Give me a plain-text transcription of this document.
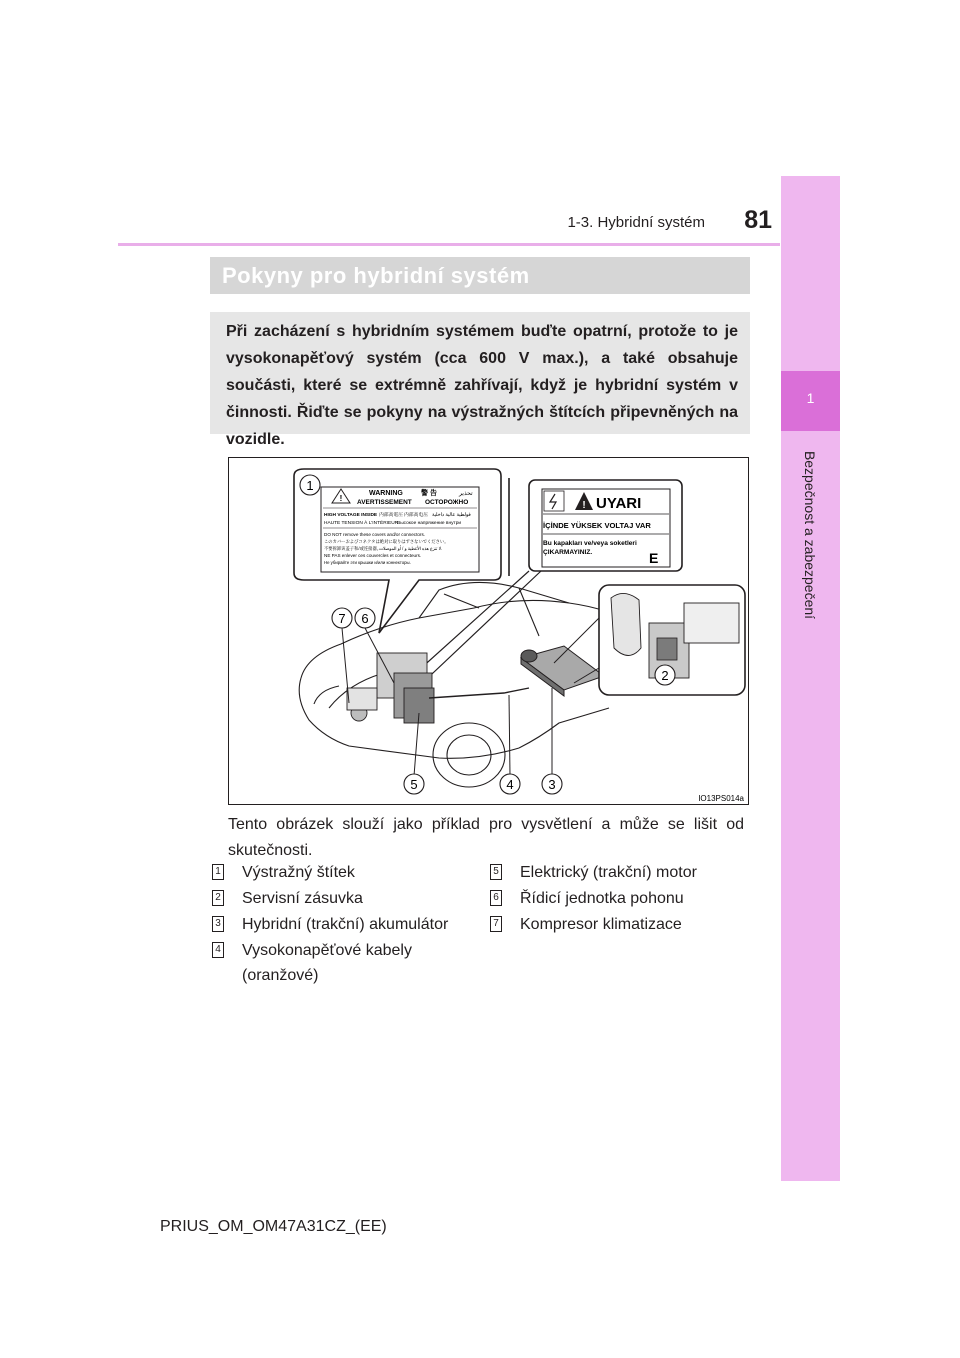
1-3. Hybridní systém	81
1
Bezpečnost a zabezpečení
Pokyny pro hybridní systém

Při zacházení s hybridním systémem buďte opatrní, protože to je vysokonapěťový systém (cca 600 V max.), a také obsahuje součásti, které se extrémně zahřívají, když je hybridní systém v činnosti. Řiďte se pokyny na výstražných štítcích připevněných na vozidle.

!
WARNING	警 告	تحذير
AVERTISSEMENT ОСТОРОЖНО
HIGH VOLTAGE INSIDE 内部高電圧 内部高电压 فولطية عالية داخلية
HAUTE TENSION À L'INTÉRIEUR
Высокое напряжение внутри
DO NOT remove these covers and/or connectors.
このカバーおよびコネクタは絶対に取りはずさないでください。
不要拆卸该盖子和/或连接器。
لا تنزع هذه الأغطية و / أو الموصلات.
NE PAS enlever ces couvercles et connecteurs.
Не убирайте эти крышки и/или коннекторы.
! UYARI
İÇİNDE YÜKSEK VOLTAJ VAR
Bu kapakları ve/veya soketleri
ÇIKARMAYINIZ.	E
1
2
3
4
5
6
7
IO13PS014a
Tento obrázek slouží jako příklad pro vysvětlení a může se lišit od skutečnosti.
1 Výstražný štítek
2 Servisní zásuvka
3 Hybridní (trakční) akumulátor
4 Vysokonapěťové kabely
(oranžové)
5 Elektrický (trakční) motor
6 Řídicí jednotka pohonu
7 Kompresor klimatizace
PRIUS_OM_OM47A31CZ_(EE)
